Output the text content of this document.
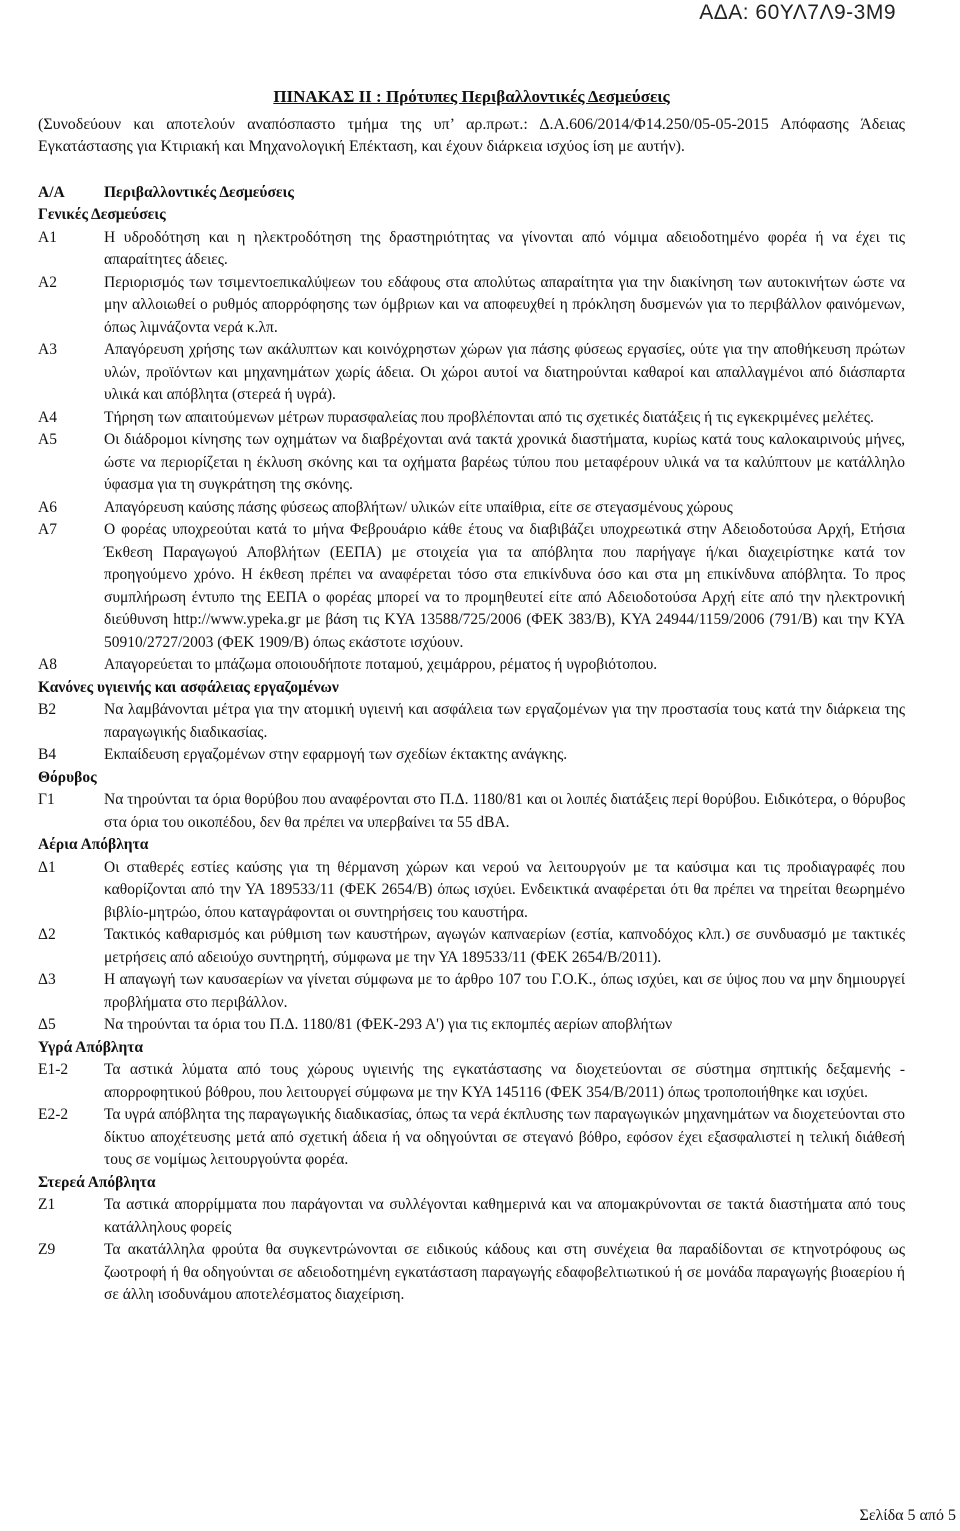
ΑΔΑ: 60ΥΛ7Λ9-3Μ9
ΠΙΝΑΚΑΣ ΙΙ : Πρότυπες Περιβαλλοντικές Δεσμεύσεις
(Συνοδεύουν και αποτελούν αναπόσπαστο τμήμα της υπ’ αρ.πρωτ.: Δ.Α.606/2014/Φ14.250/05-05-2015 Απόφασης Άδειας Εγκατάστασης για Κτιριακή και Μηχανολογική Επέκταση, και έχουν διάρκεια ισχύος ίση με αυτήν).
Α/Α	Περιβαλλοντικές Δεσμεύσεις
Γενικές Δεσμεύσεις
Α1	Η υδροδότηση και η ηλεκτροδότηση της δραστηριότητας να γίνονται από νόμιμα αδειοδοτημένο φορέα ή να έχει τις απαραίτητες άδειες.
Α2	Περιορισμός των τσιμεντοεπικαλύψεων του εδάφους στα απολύτως απαραίτητα για την διακίνηση των αυτοκινήτων ώστε να μην αλλοιωθεί ο ρυθμός απορρόφησης των όμβριων και να αποφευχθεί η πρόκληση δυσμενών για το περιβάλλον φαινόμενων, όπως λιμνάζοντα νερά κ.λπ.
Α3	Απαγόρευση χρήσης των ακάλυπτων και κοινόχρηστων χώρων για πάσης φύσεως εργασίες, ούτε για την αποθήκευση πρώτων υλών, προϊόντων και μηχανημάτων χωρίς άδεια. Οι χώροι αυτοί να διατηρούνται καθαροί και απαλλαγμένοι από διάσπαρτα υλικά και απόβλητα (στερεά ή υγρά).
Α4	Τήρηση των απαιτούμενων μέτρων πυρασφαλείας που προβλέπονται από τις σχετικές διατάξεις ή τις εγκεκριμένες μελέτες.
Α5	Οι διάδρομοι κίνησης των οχημάτων να διαβρέχονται ανά τακτά χρονικά διαστήματα, κυρίως κατά τους καλοκαιρινούς μήνες, ώστε να περιορίζεται η έκλυση σκόνης και τα οχήματα βαρέως τύπου που μεταφέρουν υλικά να τα καλύπτουν με κατάλληλο ύφασμα για τη συγκράτηση της σκόνης.
Α6	Απαγόρευση καύσης πάσης φύσεως αποβλήτων/ υλικών είτε υπαίθρια, είτε σε στεγασμένους χώρους
Α7	Ο φορέας υποχρεούται κατά το μήνα Φεβρουάριο κάθε έτους να διαβιβάζει υποχρεωτικά στην Αδειοδοτούσα Αρχή, Ετήσια Έκθεση Παραγωγού Αποβλήτων (ΕΕΠΑ) με στοιχεία για τα απόβλητα που παρήγαγε ή/και διαχειρίστηκε κατά τον προηγούμενο χρόνο. Η έκθεση πρέπει να αναφέρεται τόσο στα επικίνδυνα όσο και στα μη επικίνδυνα απόβλητα. Το προς συμπλήρωση έντυπο της ΕΕΠΑ ο φορέας μπορεί να το προμηθευτεί είτε από Αδειοδοτούσα Αρχή είτε από την ηλεκτρονική διεύθυνση http://www.ypeka.gr με βάση τις ΚΥΑ 13588/725/2006 (ΦΕΚ 383/Β), ΚΥΑ 24944/1159/2006 (791/Β) και την ΚΥΑ 50910/2727/2003 (ΦΕΚ 1909/Β) όπως εκάστοτε ισχύουν.
Α8	Απαγορεύεται το μπάζωμα οποιουδήποτε ποταμού, χειμάρρου, ρέματος ή υγροβιότοπου.
Κανόνες υγιεινής και ασφάλειας εργαζομένων
Β2	Να λαμβάνονται μέτρα για την ατομική υγιεινή και ασφάλεια των εργαζομένων για την προστασία τους κατά την διάρκεια της παραγωγικής διαδικασίας.
Β4	Εκπαίδευση εργαζομένων στην εφαρμογή των σχεδίων έκτακτης ανάγκης.
Θόρυβος
Γ1	Να τηρούνται τα όρια θορύβου που αναφέρονται στο Π.Δ. 1180/81 και οι λοιπές διατάξεις περί θορύβου. Ειδικότερα, ο θόρυβος στα όρια του οικοπέδου, δεν θα πρέπει να υπερβαίνει τα 55 dBA.
Αέρια Απόβλητα
Δ1	Οι σταθερές εστίες καύσης για τη θέρμανση χώρων και νερού να λειτουργούν με τα καύσιμα και τις προδιαγραφές που καθορίζονται από την ΥΑ 189533/11 (ΦΕΚ 2654/Β) όπως ισχύει. Ενδεικτικά αναφέρεται ότι θα πρέπει να τηρείται θεωρημένο βιβλίο-μητρώο, όπου καταγράφονται οι συντηρήσεις του καυστήρα.
Δ2	Τακτικός καθαρισμός και ρύθμιση των καυστήρων, αγωγών καπναερίων (εστία, καπνοδόχος κλπ.) σε συνδυασμό με τακτικές μετρήσεις από αδειούχο συντηρητή, σύμφωνα με την ΥΑ 189533/11 (ΦΕΚ 2654/Β/2011).
Δ3	Η απαγωγή των καυσαερίων να γίνεται σύμφωνα με το άρθρο 107 του Γ.Ο.Κ., όπως ισχύει, και σε ύψος που να μην δημιουργεί προβλήματα στο περιβάλλον.
Δ5	Να τηρούνται τα όρια του Π.Δ. 1180/81 (ΦΕΚ-293 Α') για τις εκπομπές αερίων αποβλήτων
Υγρά Απόβλητα
Ε1-2	Τα αστικά λύματα από τους χώρους υγιεινής της εγκατάστασης να διοχετεύονται σε σύστημα σηπτικής δεξαμενής - απορροφητικού βόθρου, που λειτουργεί σύμφωνα με την ΚΥΑ 145116 (ΦΕΚ 354/Β/2011) όπως τροποποιήθηκε και ισχύει.
Ε2-2	Τα υγρά απόβλητα της παραγωγικής διαδικασίας, όπως τα νερά έκπλυσης των παραγωγικών μηχανημάτων να διοχετεύονται στο δίκτυο αποχέτευσης μετά από σχετική άδεια ή να οδηγούνται σε στεγανό βόθρο, εφόσον έχει εξασφαλιστεί η τελική διάθεσή τους σε νομίμως λειτουργούντα φορέα.
Στερεά Απόβλητα
Ζ1	Τα αστικά απορρίμματα που παράγονται να συλλέγονται καθημερινά και να απομακρύνονται σε τακτά διαστήματα από τους κατάλληλους φορείς
Ζ9	Τα ακατάλληλα φρούτα θα συγκεντρώνονται σε ειδικούς κάδους και στη συνέχεια θα παραδίδονται σε κτηνοτρόφους ως ζωοτροφή ή θα οδηγούνται σε αδειοδοτημένη εγκατάσταση παραγωγής εδαφοβελτιωτικού ή σε μονάδα παραγωγής βιοαερίου ή σε άλλη ισοδυνάμου αποτελέσματος διαχείριση.
Σελίδα 5 από 5
